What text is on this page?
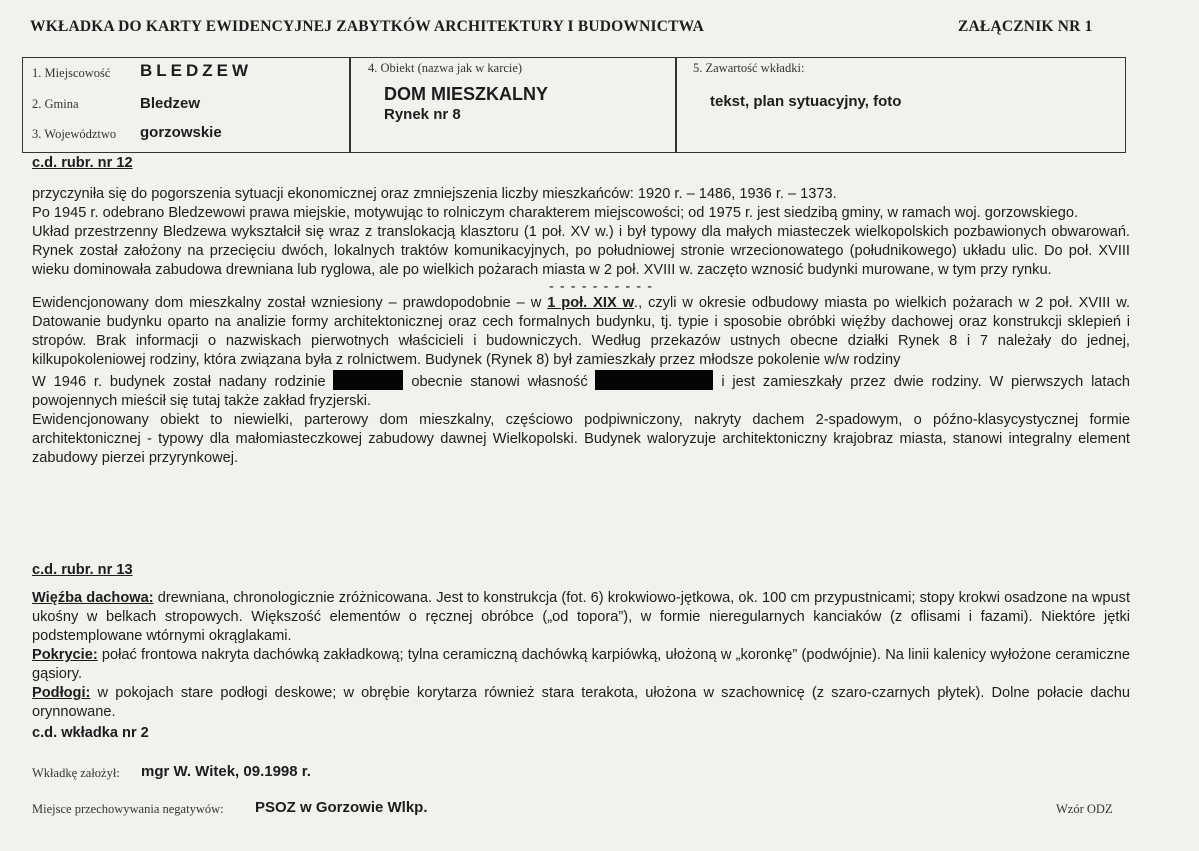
WKŁADKA DO KARTY EWIDENCYJNEJ ZABYTKÓW ARCHITEKTURY I BUDOWNICTWA	ZAŁĄCZNIK NR 1
1. Miejscowość BLEDZEW
2. Gmina	Bledzew
3. Województwo gorzowskie
4. Obiekt (nazwa jak w karcie)
DOM MIESZKALNY
Rynek nr 8
5. Zawartość wkładki:
tekst, plan sytuacyjny, foto
c.d. rubr. nr 12
przyczyniła się do pogorszenia sytuacji ekonomicznej oraz zmniejszenia liczby mieszkańców: 1920 r. – 1486, 1936 r. – 1373.
Po 1945 r. odebrano Bledzewowi prawa miejskie, motywując to rolniczym charakterem miejscowości; od 1975 r. jest siedzibą gminy, w ramach woj. gorzowskiego.
Układ przestrzenny Bledzewa wykształcił się wraz z translokacją klasztoru (1 poł. XV w.) i był typowy dla małych miasteczek wielkopolskich pozbawionych obwarowań. Rynek został założony na przecięciu dwóch, lokalnych traktów komunikacyjnych, po południowej stronie wrzecionowatego (południkowego) układu ulic. Do poł. XVIII wieku dominowała zabudowa drewniana lub ryglowa, ale po wielkich pożarach miasta w 2 poł. XVIII w. zaczęto wznosić budynki murowane, w tym przy rynku.
- - - - - - - - - -
Ewidencjonowany dom mieszkalny został wzniesiony – prawdopodobnie – w 1 poł. XIX w., czyli w okresie odbudowy miasta po wielkich pożarach w 2 poł. XVIII w. Datowanie budynku oparto na analizie formy architektonicznej oraz cech formalnych budynku, tj. typie i sposobie obróbki więźby dachowej oraz konstrukcji sklepień i stropów. Brak informacji o nazwiskach pierwotnych właścicieli i budowniczych. Według przekazów ustnych obecne działki Rynek 8 i 7 należały do jednej, kilkupokoleniowej rodziny, która związana była z rolnictwem. Budynek (Rynek 8) był zamieszkały przez młodsze pokolenie w/w rodziny
W 1946 r. budynek został nadany rodzinie	obecnie stanowi własność	i jest zamieszkały przez dwie rodziny. W pierwszych latach powojennych mieścił się tutaj także zakład fryzjerski.
Ewidencjonowany obiekt to niewielki, parterowy dom mieszkalny, częściowo podpiwniczony, nakryty dachem 2-spadowym, o późno-klasycystycznej formie architektonicznej - typowy dla małomiasteczkowej zabudowy dawnej Wielkopolski. Budynek waloryzuje architektoniczny krajobraz miasta, stanowi integralny element zabudowy pierzei przyrynkowej.
c.d. rubr. nr 13
Więźba dachowa: drewniana, chronologicznie zróżnicowana. Jest to konstrukcja (fot. 6) krokwiowo-jętkowa, ok. 100 cm przypustnicami; stopy krokwi osadzone na wpust ukośny w belkach stropowych. Większość elementów o ręcznej obróbce („od topora”), w formie nieregularnych kanciaków (z oflisami i fazami). Niektóre jętki podstemplowane wtórnymi okrąglakami.
Pokrycie: połać frontowa nakryta dachówką zakładkową; tylna ceramiczną dachówką karpiówką, ułożoną w „koronkę” (podwójnie). Na linii kalenicy wyłożone ceramiczne gąsiory.
Podłogi: w pokojach stare podłogi deskowe; w obrębie korytarza również stara terakota, ułożona w szachownicę (z szaro-czarnych płytek). Dolne połacie dachu orynnowane.
c.d. wkładka nr 2
Wkładkę założył: mgr W. Witek, 09.1998 r.
Miejsce przechowywania negatywów: PSOZ w Gorzowie Wlkp.	Wzór ODZ
